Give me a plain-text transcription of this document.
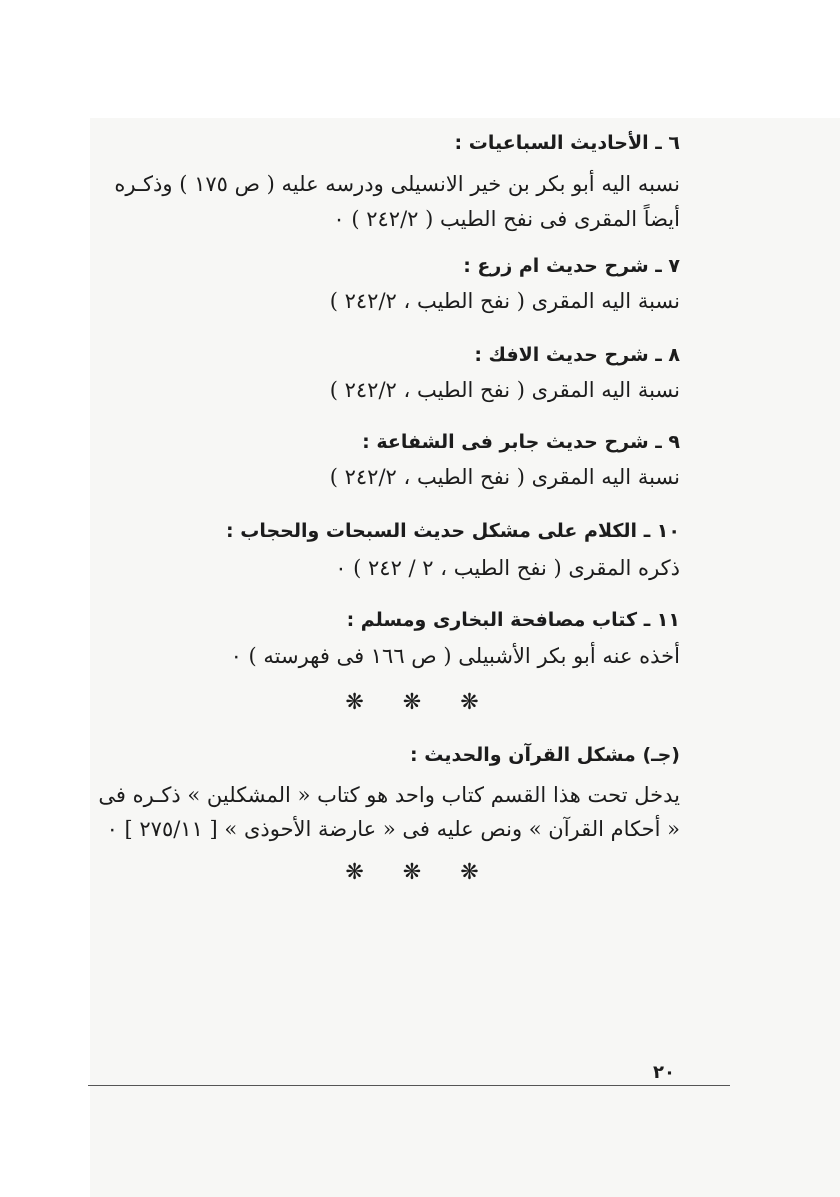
٦ ـ الأحاديث السباعيات :
نسبه اليه أبو بكر بن خير الانسيلى ودرسه عليه ( ص ١٧٥ ) وذكـره
أيضاً المقرى فى نفح الطيب ( ٢٤٢/٢ ) ٠
٧ ـ شرح حديث ام زرع :
نسبة اليه المقرى ( نفح الطيب ، ٢٤٢/٢ )
٨ ـ شرح حديث الافك :
نسبة اليه المقرى ( نفح الطيب ، ٢٤٢/٢ )
٩ ـ شرح حديث جابر فى الشفاعة :
نسبة اليه المقرى ( نفح الطيب ، ٢٤٢/٢ )
١٠ ـ الكلام على مشكل حديث السبحات والحجاب :
ذكره المقرى ( نفح الطيب ، ٢ / ٢٤٢ ) ٠
١١ ـ كتاب مصافحة البخارى ومسلم :
أخذه عنه أبو بكر الأشبيلى ( ص ١٦٦ فى فهرسته ) ٠
❋ ❋ ❋
(جـ) مشكل القرآن والحديث :
يدخل تحت هذا القسم كتاب واحد هو كتاب « المشكلين » ذكـره فى
« أحكام القرآن » ونص عليه فى « عارضة الأحوذى » [ ٢٧٥/١١ ] ٠
❋ ❋ ❋
٢٠
